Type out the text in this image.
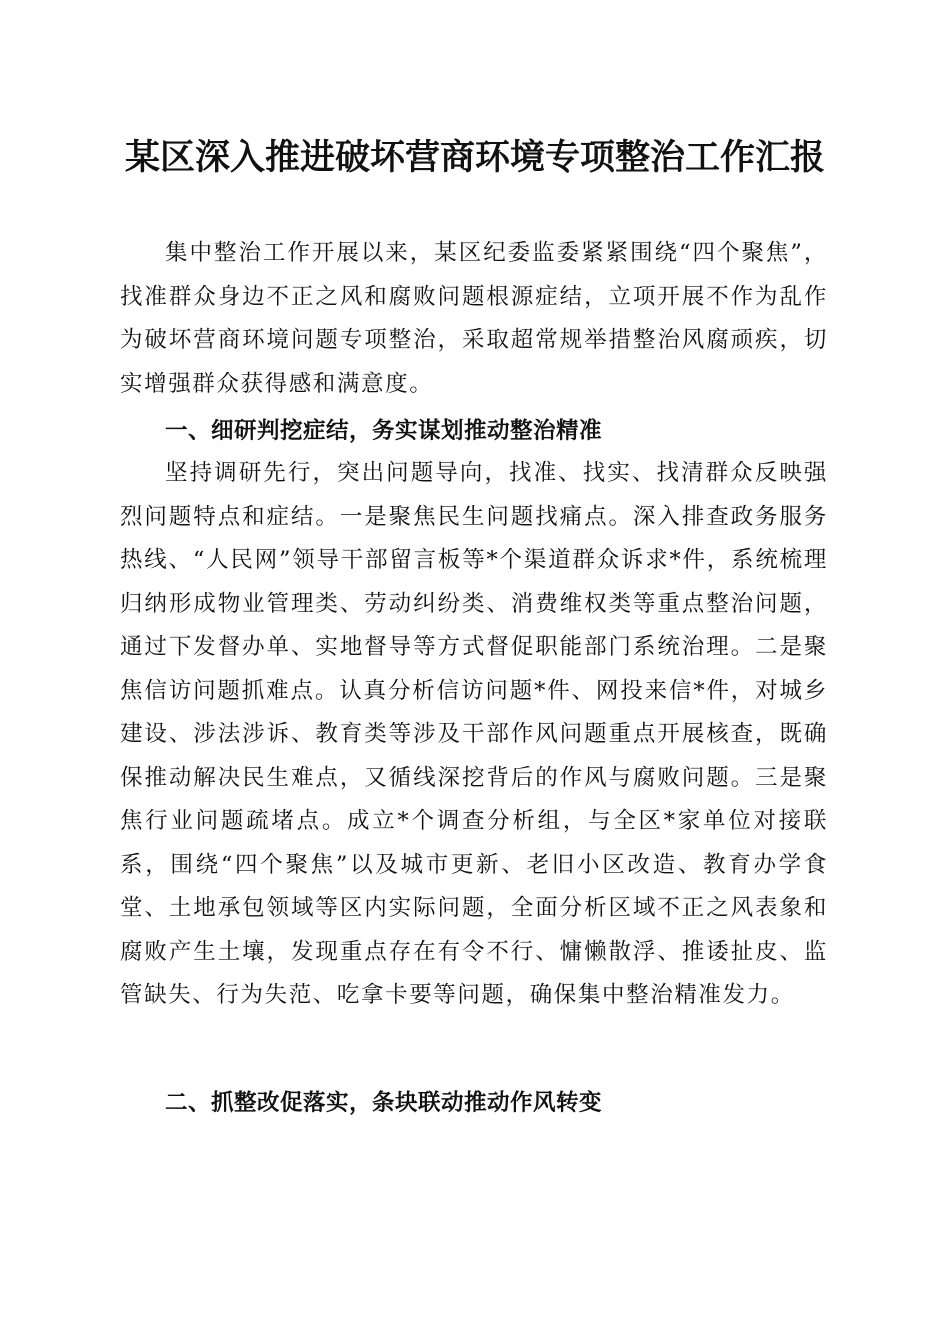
某区深入推进破坏营商环境专项整治工作汇报

集中整治工作开展以来，某区纪委监委紧紧围绕“四个聚焦”，找准群众身边不正之风和腐败问题根源症结，立项开展不作为乱作为破坏营商环境问题专项整治，采取超常规举措整治风腐顽疾，切实增强群众获得感和满意度。

一、细研判挖症结，务实谋划推动整治精准

坚持调研先行，突出问题导向，找准、找实、找清群众反映强烈问题特点和症结。一是聚焦民生问题找痛点。深入排查政务服务热线、“人民网”领导干部留言板等*个渠道群众诉求*件，系统梳理归纳形成物业管理类、劳动纠纷类、消费维权类等重点整治问题，通过下发督办单、实地督导等方式督促职能部门系统治理。二是聚焦信访问题抓难点。认真分析信访问题*件、网投来信*件，对城乡建设、涉法涉诉、教育类等涉及干部作风问题重点开展核查，既确保推动解决民生难点，又循线深挖背后的作风与腐败问题。三是聚焦行业问题疏堵点。成立*个调查分析组，与全区*家单位对接联系，围绕“四个聚焦”以及城市更新、老旧小区改造、教育办学食堂、土地承包领域等区内实际问题，全面分析区域不正之风表象和腐败产生土壤，发现重点存在有令不行、慵懒散浮、推诿扯皮、监管缺失、行为失范、吃拿卡要等问题，确保集中整治精准发力。

二、抓整改促落实，条块联动推动作风转变
